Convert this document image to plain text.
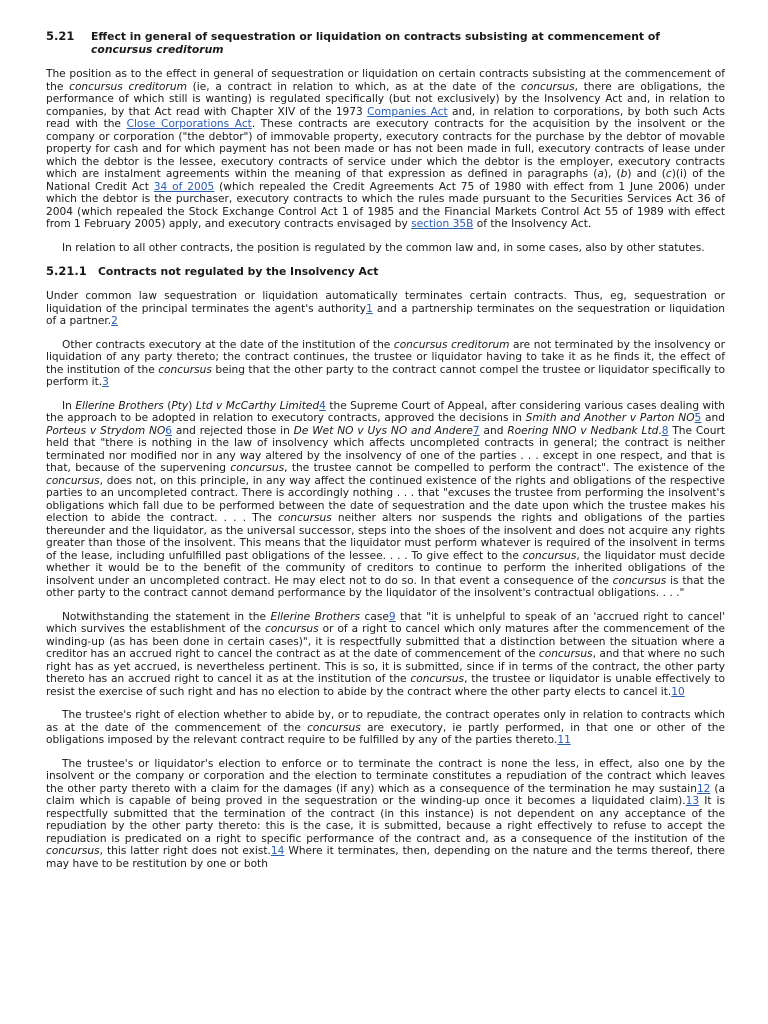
5.21	Effect in general of sequestration or liquidation on contracts subsisting at commencement of concursus creditorum

The position as to the effect in general of sequestration or liquidation on certain contracts subsisting at the commencement of the concursus creditorum (ie, a contract in relation to which, as at the date of the concursus, there are obligations, the performance of which still is wanting) is regulated specifically (but not exclusively) by the Insolvency Act and, in relation to companies, by that Act read with Chapter XIV of the 1973 Companies Act and, in relation to corporations, by both such Acts read with the Close Corporations Act. These contracts are executory contracts for the acquisition by the insolvent or the company or corporation ("the debtor") of immovable property, executory contracts for the purchase by the debtor of movable property for cash and for which payment has not been made or has not been made in full, executory contracts of lease under which the debtor is the lessee, executory contracts of service under which the debtor is the employer, executory contracts which are instalment agreements within the meaning of that expression as defined in paragraphs (a), (b) and (c)(i) of the National Credit Act 34 of 2005 (which repealed the Credit Agreements Act 75 of 1980 with effect from 1 June 2006) under which the debtor is the purchaser, executory contracts to which the rules made pursuant to the Securities Services Act 36 of 2004 (which repealed the Stock Exchange Control Act 1 of 1985 and the Financial Markets Control Act 55 of 1989 with effect from 1 February 2005) apply, and executory contracts envisaged by section 35B of the Insolvency Act.

In relation to all other contracts, the position is regulated by the common law and, in some cases, also by other statutes.

5.21.1	Contracts not regulated by the Insolvency Act

Under common law sequestration or liquidation automatically terminates certain contracts. Thus, eg, sequestration or liquidation of the principal terminates the agent's authority1 and a partnership terminates on the sequestration or liquidation of a partner.2

Other contracts executory at the date of the institution of the concursus creditorum are not terminated by the insolvency or liquidation of any party thereto; the contract continues, the trustee or liquidator having to take it as he finds it, the effect of the institution of the concursus being that the other party to the contract cannot compel the trustee or liquidator specifically to perform it.3

In Ellerine Brothers (Pty) Ltd v McCarthy Limited4 the Supreme Court of Appeal, after considering various cases dealing with the approach to be adopted in relation to executory contracts, approved the decisions in Smith and Another v Parton NO5 and Porteus v Strydom NO6 and rejected those in De Wet NO v Uys NO and Andere7 and Roering NNO v Nedbank Ltd.8 The Court held that "there is nothing in the law of insolvency which affects uncompleted contracts in general; the contract is neither terminated nor modified nor in any way altered by the insolvency of one of the parties . . . except in one respect, and that is that, because of the supervening concursus, the trustee cannot be compelled to perform the contract". The existence of the concursus, does not, on this principle, in any way affect the continued existence of the rights and obligations of the respective parties to an uncompleted contract. There is accordingly nothing . . . that "excuses the trustee from performing the insolvent's obligations which fall due to be performed between the date of sequestration and the date upon which the trustee makes his election to abide the contract. . . . The concursus neither alters nor suspends the rights and obligations of the parties thereunder and the liquidator, as the universal successor, steps into the shoes of the insolvent and does not acquire any rights greater than those of the insolvent. This means that the liquidator must perform whatever is required of the insolvent in terms of the lease, including unfulfilled past obligations of the lessee. . . . To give effect to the concursus, the liquidator must decide whether it would be to the benefit of the community of creditors to continue to perform the inherited obligations of the insolvent under an uncompleted contract. He may elect not to do so. In that event a consequence of the concursus is that the other party to the contract cannot demand performance by the liquidator of the insolvent's contractual obligations. . . ."

Notwithstanding the statement in the Ellerine Brothers case9 that "it is unhelpful to speak of an 'accrued right to cancel' which survives the establishment of the concursus or of a right to cancel which only matures after the commencement of the winding-up (as has been done in certain cases)", it is respectfully submitted that a distinction between the situation where a creditor has an accrued right to cancel the contract as at the date of commencement of the concursus, and that where no such right has as yet accrued, is nevertheless pertinent. This is so, it is submitted, since if in terms of the contract, the other party thereto has an accrued right to cancel it as at the institution of the concursus, the trustee or liquidator is unable effectively to resist the exercise of such right and has no election to abide by the contract where the other party elects to cancel it.10

The trustee's right of election whether to abide by, or to repudiate, the contract operates only in relation to contracts which as at the date of the commencement of the concursus are executory, ie partly performed, in that one or other of the obligations imposed by the relevant contract require to be fulfilled by any of the parties thereto.11

The trustee's or liquidator's election to enforce or to terminate the contract is none the less, in effect, also one by the insolvent or the company or corporation and the election to terminate constitutes a repudiation of the contract which leaves the other party thereto with a claim for the damages (if any) which as a consequence of the termination he may sustain12 (a claim which is capable of being proved in the sequestration or the winding-up once it becomes a liquidated claim).13 It is respectfully submitted that the termination of the contract (in this instance) is not dependent on any acceptance of the repudiation by the other party thereto: this is the case, it is submitted, because a right effectively to refuse to accept the repudiation is predicated on a right to specific performance of the contract and, as a consequence of the institution of the concursus, this latter right does not exist.14 Where it terminates, then, depending on the nature and the terms thereof, there may have to be restitution by one or both
